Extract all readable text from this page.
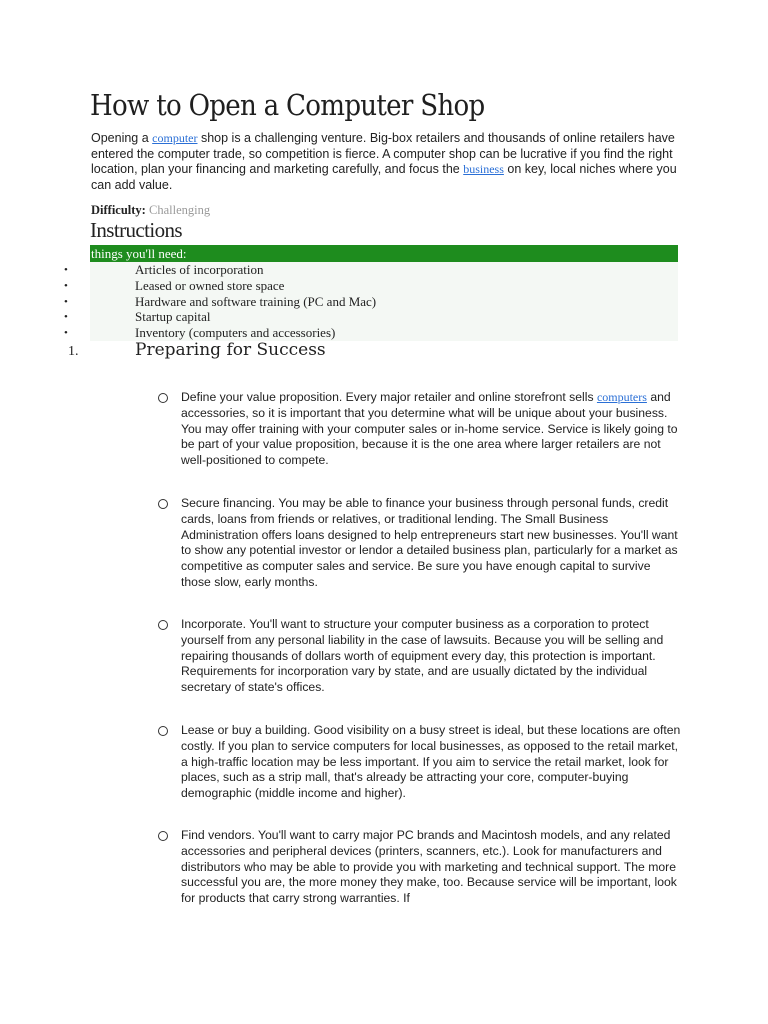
How to Open a Computer Shop

Opening a computer shop is a challenging venture. Big-box retailers and thousands of online retailers have entered the computer trade, so competition is fierce. A computer shop can be lucrative if you find the right location, plan your financing and marketing carefully, and focus the business on key, local niches where you can add value.

Difficulty: Challenging
Instructions
things you'll need:
•	Articles of incorporation
•	Leased or owned store space
•	Hardware and software training (PC and Mac)
•	Startup capital
•	Inventory (computers and accessories)
1.	Preparing for Success

Define your value proposition. Every major retailer and online storefront sells computers and accessories, so it is important that you determine what will be unique about your business. You may offer training with your computer sales or in-home service. Service is likely going to be part of your value proposition, because it is the one area where larger retailers are not well-positioned to compete.

Secure financing. You may be able to finance your business through personal funds, credit cards, loans from friends or relatives, or traditional lending. The Small Business Administration offers loans designed to help entrepreneurs start new businesses. You'll want to show any potential investor or lendor a detailed business plan, particularly for a market as competitive as computer sales and service. Be sure you have enough capital to survive those slow, early months.

Incorporate. You'll want to structure your computer business as a corporation to protect yourself from any personal liability in the case of lawsuits. Because you will be selling and repairing thousands of dollars worth of equipment every day, this protection is important. Requirements for incorporation vary by state, and are usually dictated by the individual secretary of state's offices.

Lease or buy a building. Good visibility on a busy street is ideal, but these locations are often costly. If you plan to service computers for local businesses, as opposed to the retail market, a high-traffic location may be less important. If you aim to service the retail market, look for places, such as a strip mall, that's already be attracting your core, computer-buying demographic (middle income and higher).

Find vendors. You'll want to carry major PC brands and Macintosh models, and any related accessories and peripheral devices (printers, scanners, etc.). Look for manufacturers and distributors who may be able to provide you with marketing and technical support. The more successful you are, the more money they make, too. Because service will be important, look for products that carry strong warranties. If
